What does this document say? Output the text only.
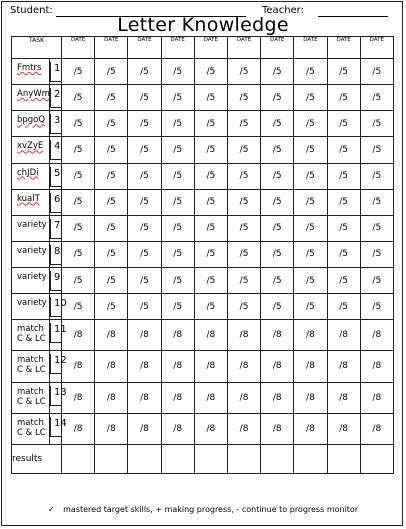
Student:	Teacher:
Letter Knowledge
TASK		DATE	DATE	DATE	DATE	DATE	DATE	DATE	DATE	DATE	DATE

Fmtrs	1	/5	/5	/5	/5	/5	/5	/5	/5	/5	/5

AnyWm	2	/5	/5	/5	/5	/5	/5	/5	/5	/5	/5

bpgoQ	3	/5	/5	/5	/5	/5	/5	/5	/5	/5	/5

xvZyE	4	/5	/5	/5	/5	/5	/5	/5	/5	/5	/5

chJDi	5	/5	/5	/5	/5	/5	/5	/5	/5	/5	/5

kualT	6	/5	/5	/5	/5	/5	/5	/5	/5	/5	/5

variety	7	/5	/5	/5	/5	/5	/5	/5	/5	/5	/5

variety	8	/5	/5	/5	/5	/5	/5	/5	/5	/5	/5

variety	9	/5	/5	/5	/5	/5	/5	/5	/5	/5	/5

variety	10	/5	/5	/5	/5	/5	/5	/5	/5	/5	/5

match
C & LC	11	/8	/8	/8	/8	/8	/8	/8	/8	/8	/8

match
C & LC	12	/8	/8	/8	/8	/8	/8	/8	/8	/8	/8

match
C & LC	13	/8	/8	/8	/8	/8	/8	/8	/8	/8	/8

match
C & LC	14	/8	/8	/8	/8	/8	/8	/8	/8	/8	/8
results											
✓ mastered target skills, + making progress, - continue to progress monitor
